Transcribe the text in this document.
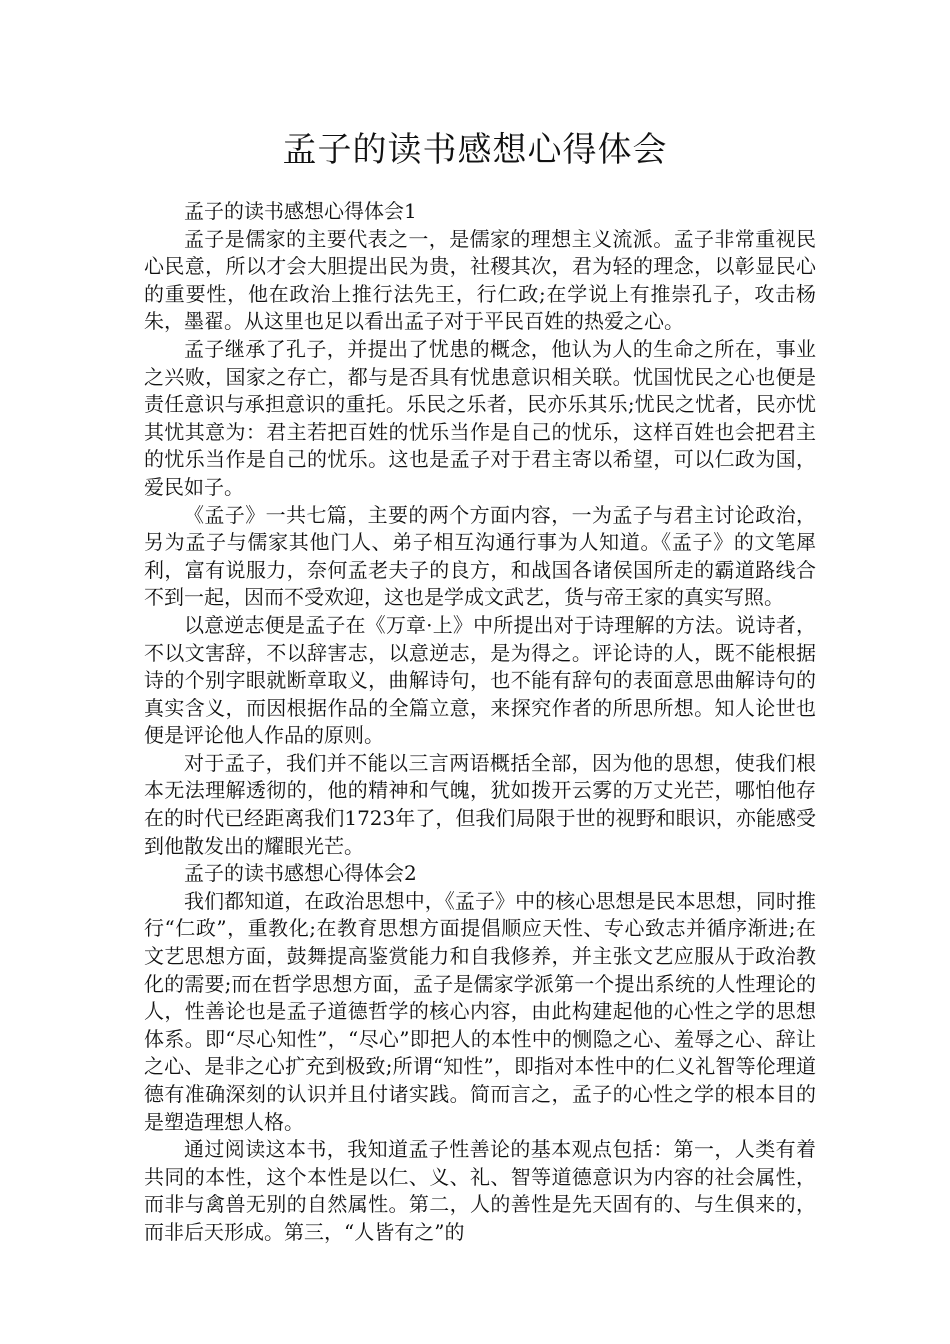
孟子的读书感想心得体会

孟子的读书感想心得体会1

孟子是儒家的主要代表之一，是儒家的理想主义流派。孟子非常重视民心民意，所以才会大胆提出民为贵，社稷其次，君为轻的理念，以彰显民心的重要性，他在政治上推行法先王，行仁政;在学说上有推崇孔子，攻击杨朱，墨翟。从这里也足以看出孟子对于平民百姓的热爱之心。

孟子继承了孔子，并提出了忧患的概念，他认为人的生命之所在，事业之兴败，国家之存亡，都与是否具有忧患意识相关联。忧国忧民之心也便是责任意识与承担意识的重托。乐民之乐者，民亦乐其乐;忧民之忧者，民亦忧其忧其意为：君主若把百姓的忧乐当作是自己的忧乐，这样百姓也会把君主的忧乐当作是自己的忧乐。这也是孟子对于君主寄以希望，可以仁政为国，爱民如子。

《孟子》一共七篇，主要的两个方面内容，一为孟子与君主讨论政治，另为孟子与儒家其他门人、弟子相互沟通行事为人知道。《孟子》的文笔犀利，富有说服力，奈何孟老夫子的良方，和战国各诸侯国所走的霸道路线合不到一起，因而不受欢迎，这也是学成文武艺，货与帝王家的真实写照。

以意逆志便是孟子在《万章·上》中所提出对于诗理解的方法。说诗者，不以文害辞，不以辞害志，以意逆志，是为得之。评论诗的人，既不能根据诗的个别字眼就断章取义，曲解诗句，也不能有辞句的表面意思曲解诗句的真实含义，而因根据作品的全篇立意，来探究作者的所思所想。知人论世也便是评论他人作品的原则。

对于孟子，我们并不能以三言两语概括全部，因为他的思想，使我们根本无法理解透彻的，他的精神和气魄，犹如拨开云雾的万丈光芒，哪怕他存在的时代已经距离我们1723年了，但我们局限于世的视野和眼识，亦能感受到他散发出的耀眼光芒。

孟子的读书感想心得体会2

我们都知道，在政治思想中，《孟子》中的核心思想是民本思想，同时推行“仁政”，重教化;在教育思想方面提倡顺应天性、专心致志并循序渐进;在文艺思想方面，鼓舞提高鉴赏能力和自我修养，并主张文艺应服从于政治教化的需要;而在哲学思想方面，孟子是儒家学派第一个提出系统的人性理论的人，性善论也是孟子道德哲学的核心内容，由此构建起他的心性之学的思想体系。即“尽心知性”，“尽心”即把人的本性中的恻隐之心、羞辱之心、辞让之心、是非之心扩充到极致;所谓“知性”，即指对本性中的仁义礼智等伦理道德有准确深刻的认识并且付诸实践。简而言之，孟子的心性之学的根本目的是塑造理想人格。

通过阅读这本书，我知道孟子性善论的基本观点包括：第一，人类有着共同的本性，这个本性是以仁、义、礼、智等道德意识为内容的社会属性，而非与禽兽无别的自然属性。第二，人的善性是先天固有的、与生俱来的，而非后天形成。第三，“人皆有之”的
